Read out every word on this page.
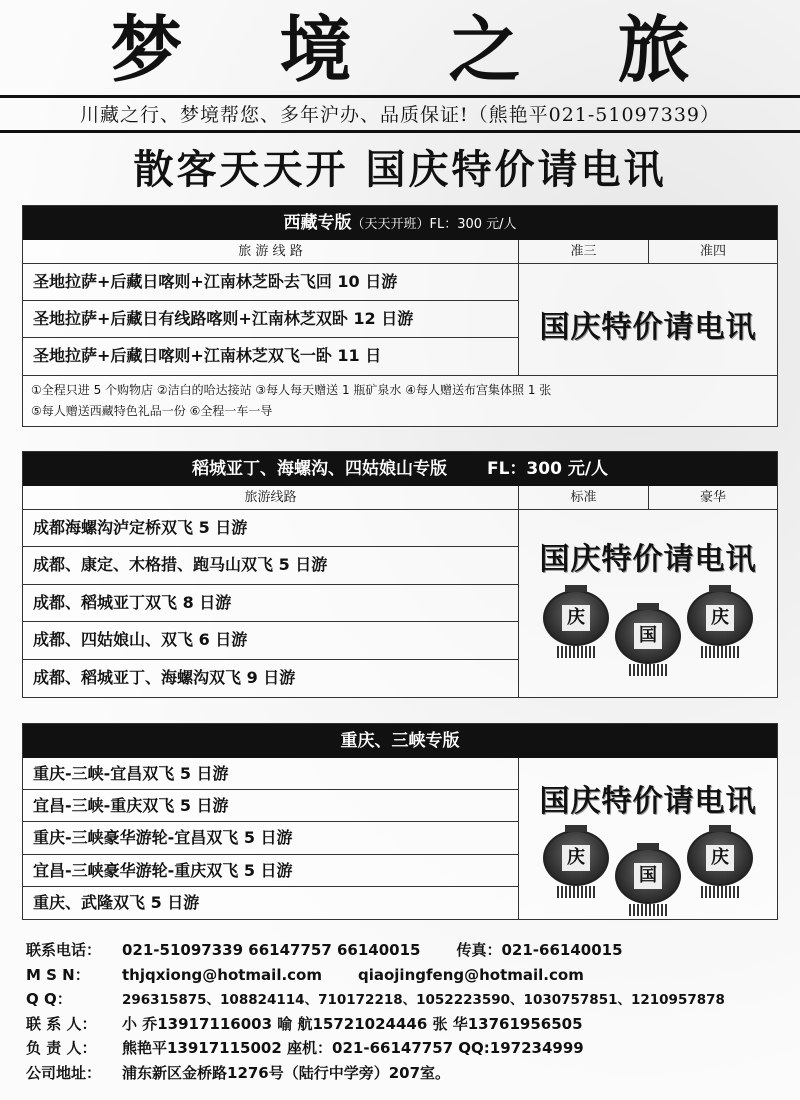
梦 境 之 旅
川藏之行、梦境帮您、多年沪办、品质保证!（熊艳平021-51097339）
散客天天开 国庆特价请电讯
西藏专版（天天开班）FL：300 元/人
旅 游 线 路	准三	准四
圣地拉萨+后藏日喀则+江南林芝卧去飞回 10 日游
圣地拉萨+后藏日有线路喀则+江南林芝双卧 12 日游
圣地拉萨+后藏日喀则+江南林芝双飞一卧 11 日
国庆特价请电讯
①全程只进 5 个购物店 ②洁白的哈达接站 ③每人每天赠送 1 瓶矿泉水 ④每人赠送布宫集体照 1 张
⑤每人赠送西藏特色礼品一份 ⑥全程一车一导
稻城亚丁、海螺沟、四姑娘山专版 FL：300 元/人
旅游线路	标准	豪华
成都海螺沟泸定桥双飞 5 日游
成都、康定、木格措、跑马山双飞 5 日游
成都、稻城亚丁双飞 8 日游
成都、四姑娘山、双飞 6 日游
成都、稻城亚丁、海螺沟双飞 9 日游
国庆特价请电讯
庆
国
庆
重庆、三峡专版
重庆-三峡-宜昌双飞 5 日游
宜昌-三峡-重庆双飞 5 日游
重庆-三峡豪华游轮-宜昌双飞 5 日游
宜昌-三峡豪华游轮-重庆双飞 5 日游
重庆、武隆双飞 5 日游
国庆特价请电讯
庆
国
庆
联系电话： 021-51097339 66147757 66140015 传真：021-66140015
M S N： thjqxiong@hotmail.com qiaojingfeng@hotmail.com
Q Q：	296315875、108824114、710172218、1052223590、1030757851、1210957878
联 系 人： 小 乔13917116003 喻 航15721024446 张 华13761956505
负 责 人： 熊艳平13917115002 座机：021-66147757 QQ:197234999
公司地址： 浦东新区金桥路1276号（陆行中学旁）207室。
